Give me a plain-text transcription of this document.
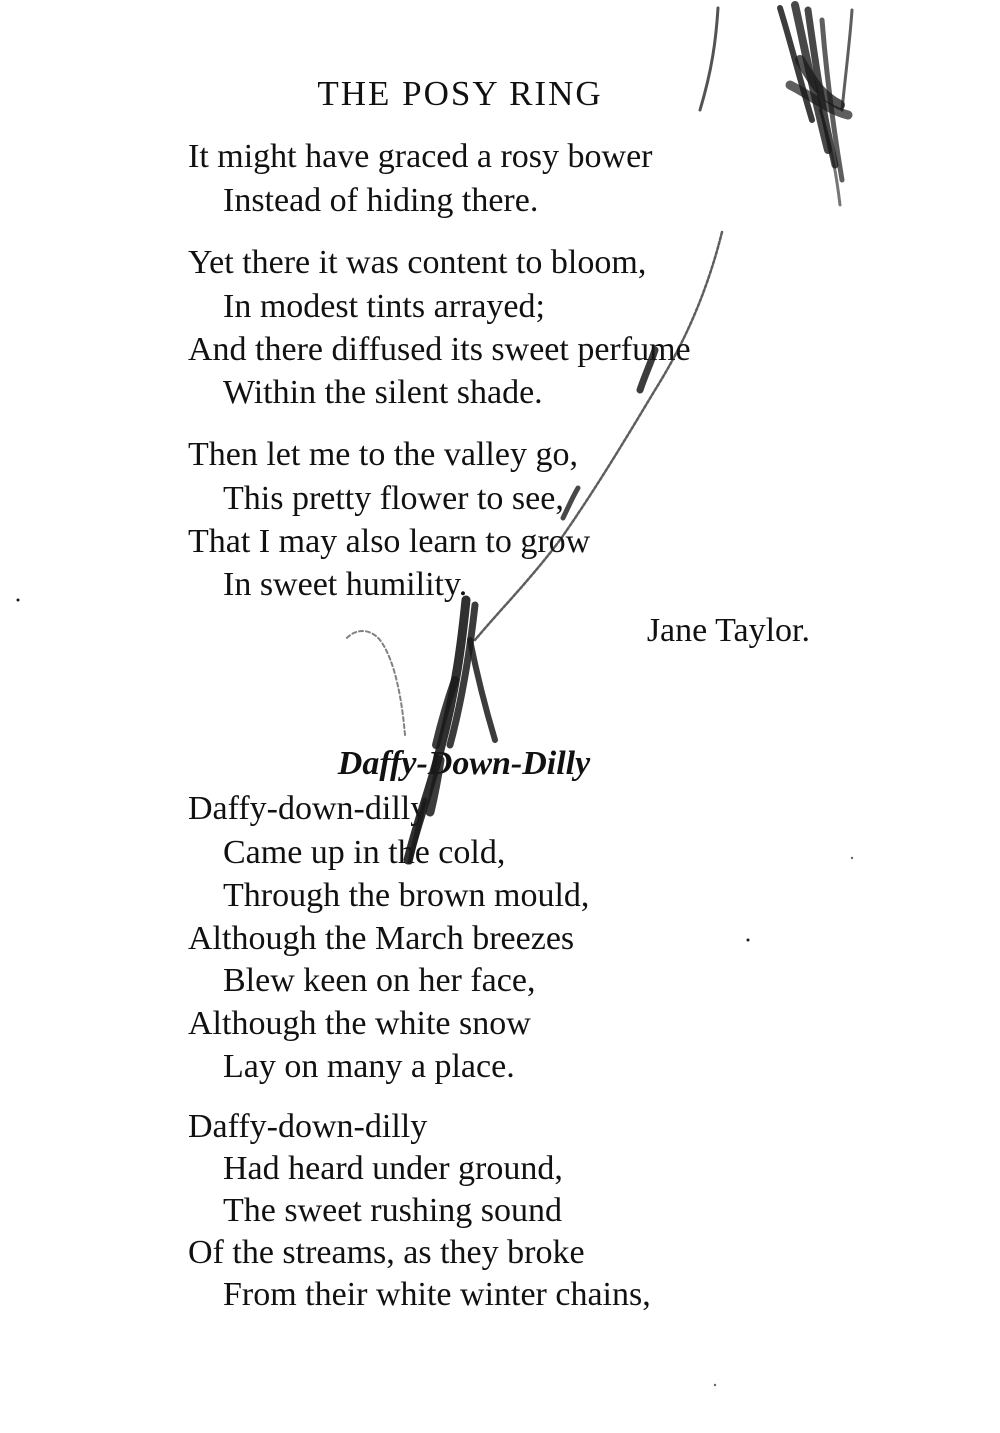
THE POSY RING
It might have graced a rosy bower
Instead of hiding there.
Yet there it was content to bloom,
In modest tints arrayed;
And there diffused its sweet perfume
Within the silent shade.
Then let me to the valley go,
This pretty flower to see,
That I may also learn to grow
In sweet humility.
Jane Taylor.
Daffy-Down-Dilly
Daffy-down-dilly
Came up in the cold,
Through the brown mould,
Although the March breezes
Blew keen on her face,
Although the white snow
Lay on many a place.
Daffy-down-dilly
Had heard under ground,
The sweet rushing sound
Of the streams, as they broke
From their white winter chains,
